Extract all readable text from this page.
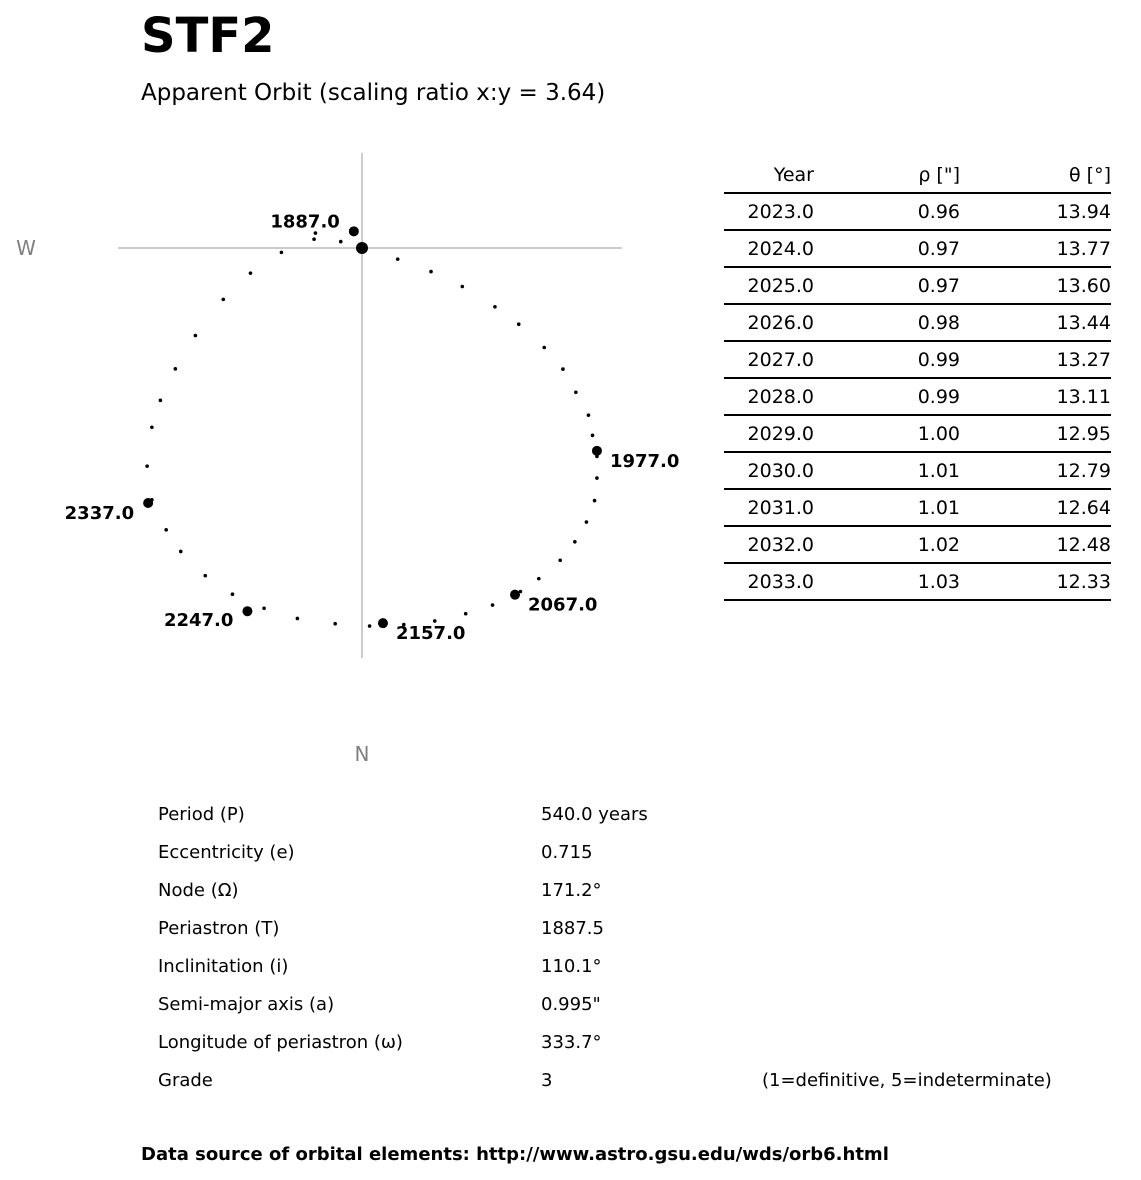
STF2
Apparent Orbit (scaling ratio x:y = 3.64)
W
N
1887.0
1977.0
2067.0
2157.0
2247.0
2337.0
Year	ρ ["]	θ [°]
2023.0	0.96	13.94
2024.0	0.97	13.77
2025.0	0.97	13.60
2026.0	0.98	13.44
2027.0	0.99	13.27
2028.0	0.99	13.11
2029.0	1.00	12.95
2030.0	1.01	12.79
2031.0	1.01	12.64
2032.0	1.02	12.48
2033.0	1.03	12.33
Period (P)	540.0 years	
Eccentricity (e)	0.715	
Node (Ω)	171.2°	
Periastron (T)	1887.5	
Inclinitation (i)	110.1°	
Semi-major axis (a)	0.995"	
Longitude of periastron (ω)	333.7°	
Grade	3	(1=definitive, 5=indeterminate)
Data source of orbital elements: http://www.astro.gsu.edu/wds/orb6.html
